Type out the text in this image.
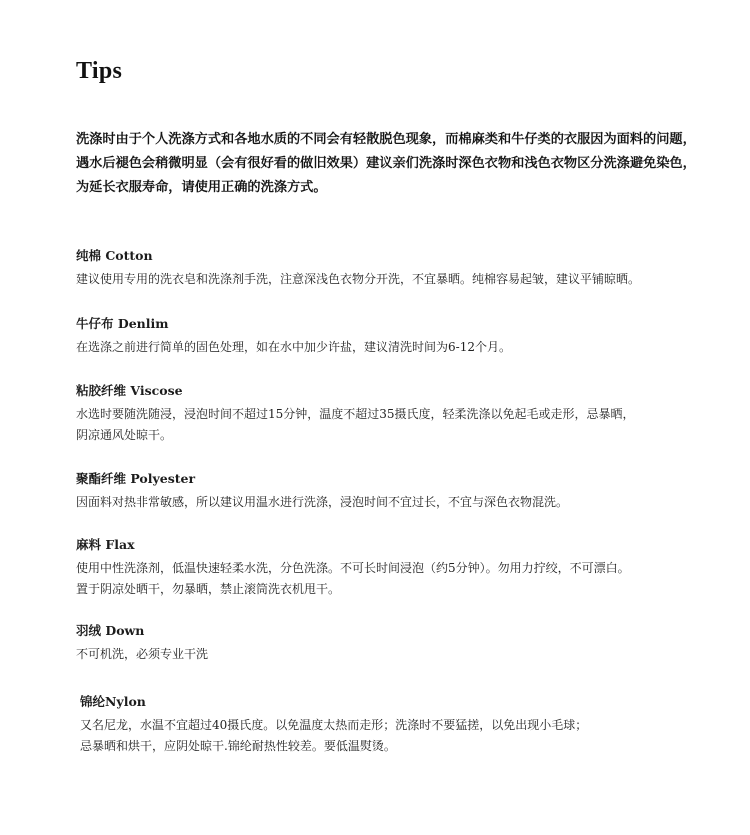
Tips
洗涤时由于个人洗涤方式和各地水质的不同会有轻散脱色现象，而棉麻类和牛仔类的衣服因为面料的问题，
遇水后褪色会稍微明显（会有很好看的做旧效果）建议亲们洗涤时深色衣物和浅色衣物区分洗涤避免染色，
为延长衣服寿命，请使用正确的洗涤方式。
纯棉 Cotton
建议使用专用的洗衣皂和洗涤剂手洗，注意深浅色衣物分开洗，不宜暴晒。纯棉容易起皱，建议平铺晾晒。
牛仔布 Denlim
在选涤之前进行简单的固色处理，如在水中加少许盐，建议清洗时间为6-12个月。
粘胶纤维 Viscose
水选时要随洗随浸，浸泡时间不超过15分钟，温度不超过35摄氏度，轻柔洗涤以免起毛或走形，忌暴晒，
阴凉通风处晾干。
聚酯纤维 Polyester
因面料对热非常敏感，所以建议用温水进行洗涤，浸泡时间不宜过长，不宜与深色衣物混洗。
麻料 Flax
使用中性洗涤剂，低温快速轻柔水洗，分色洗涤。不可长时间浸泡（约5分钟）。勿用力拧绞，不可漂白。
置于阴凉处晒干，勿暴晒，禁止滚筒洗衣机甩干。
羽绒 Down
不可机洗，必须专业干洗
锦纶Nylon
又名尼龙，水温不宜超过40摄氏度。以免温度太热而走形；洗涤时不要猛搓，以免出现小毛球；
忌暴晒和烘干，应阴处晾干.锦纶耐热性较差。要低温熨烫。
